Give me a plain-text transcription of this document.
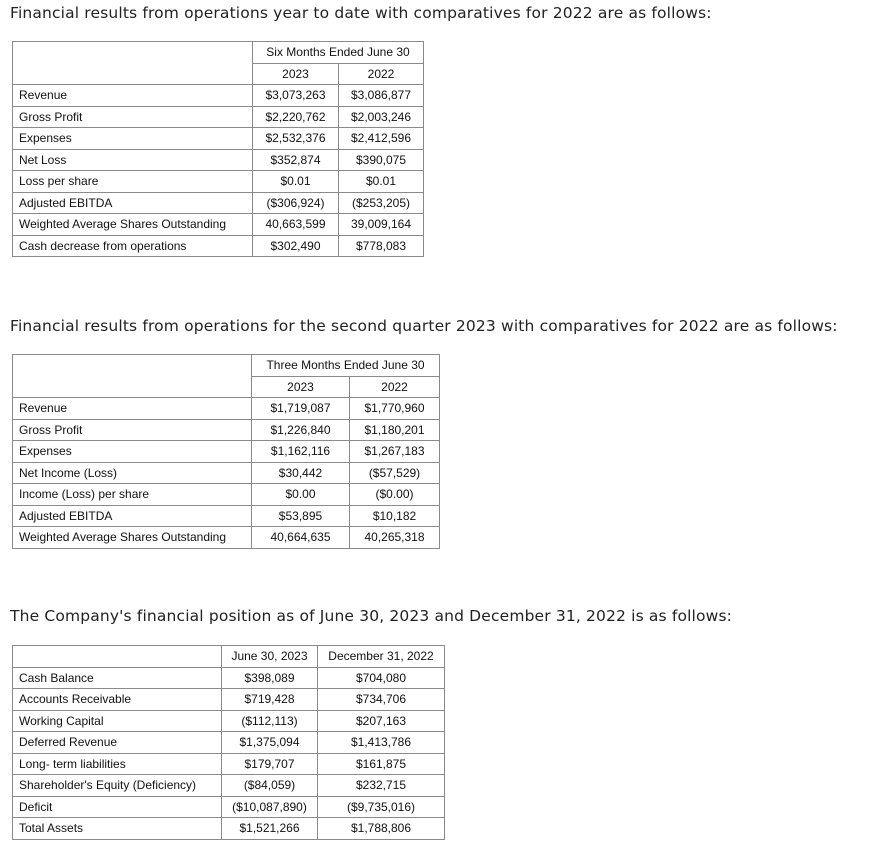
Financial results from operations year to date with comparatives for 2022 are as follows:

	Six Months Ended June 30	
	2023	2022
Revenue	$3,073,263	$3,086,877
Gross Profit	$2,220,762	$2,003,246
Expenses	$2,532,376	$2,412,596
Net Loss	$352,874	$390,075
Loss per share	$0.01	$0.01
Adjusted EBITDA	($306,924)	($253,205)
Weighted Average Shares Outstanding	40,663,599	39,009,164
Cash decrease from operations	$302,490	$778,083

Financial results from operations for the second quarter 2023 with comparatives for 2022 are as follows:

	Three Months Ended June 30	
	2023	2022
Revenue	$1,719,087	$1,770,960
Gross Profit	$1,226,840	$1,180,201
Expenses	$1,162,116	$1,267,183
Net Income (Loss)	$30,442	($57,529)
Income (Loss) per share	$0.00	($0.00)
Adjusted EBITDA	$53,895	$10,182
Weighted Average Shares Outstanding	40,664,635	40,265,318

The Company's financial position as of June 30, 2023 and December 31, 2022 is as follows:

	June 30, 2023	December 31, 2022
Cash Balance	$398,089	$704,080
Accounts Receivable	$719,428	$734,706
Working Capital	($112,113)	$207,163
Deferred Revenue	$1,375,094	$1,413,786
Long- term liabilities	$179,707	$161,875
Shareholder's Equity (Deficiency)	($84,059)	$232,715
Deficit	($10,087,890)	($9,735,016)
Total Assets	$1,521,266	$1,788,806
